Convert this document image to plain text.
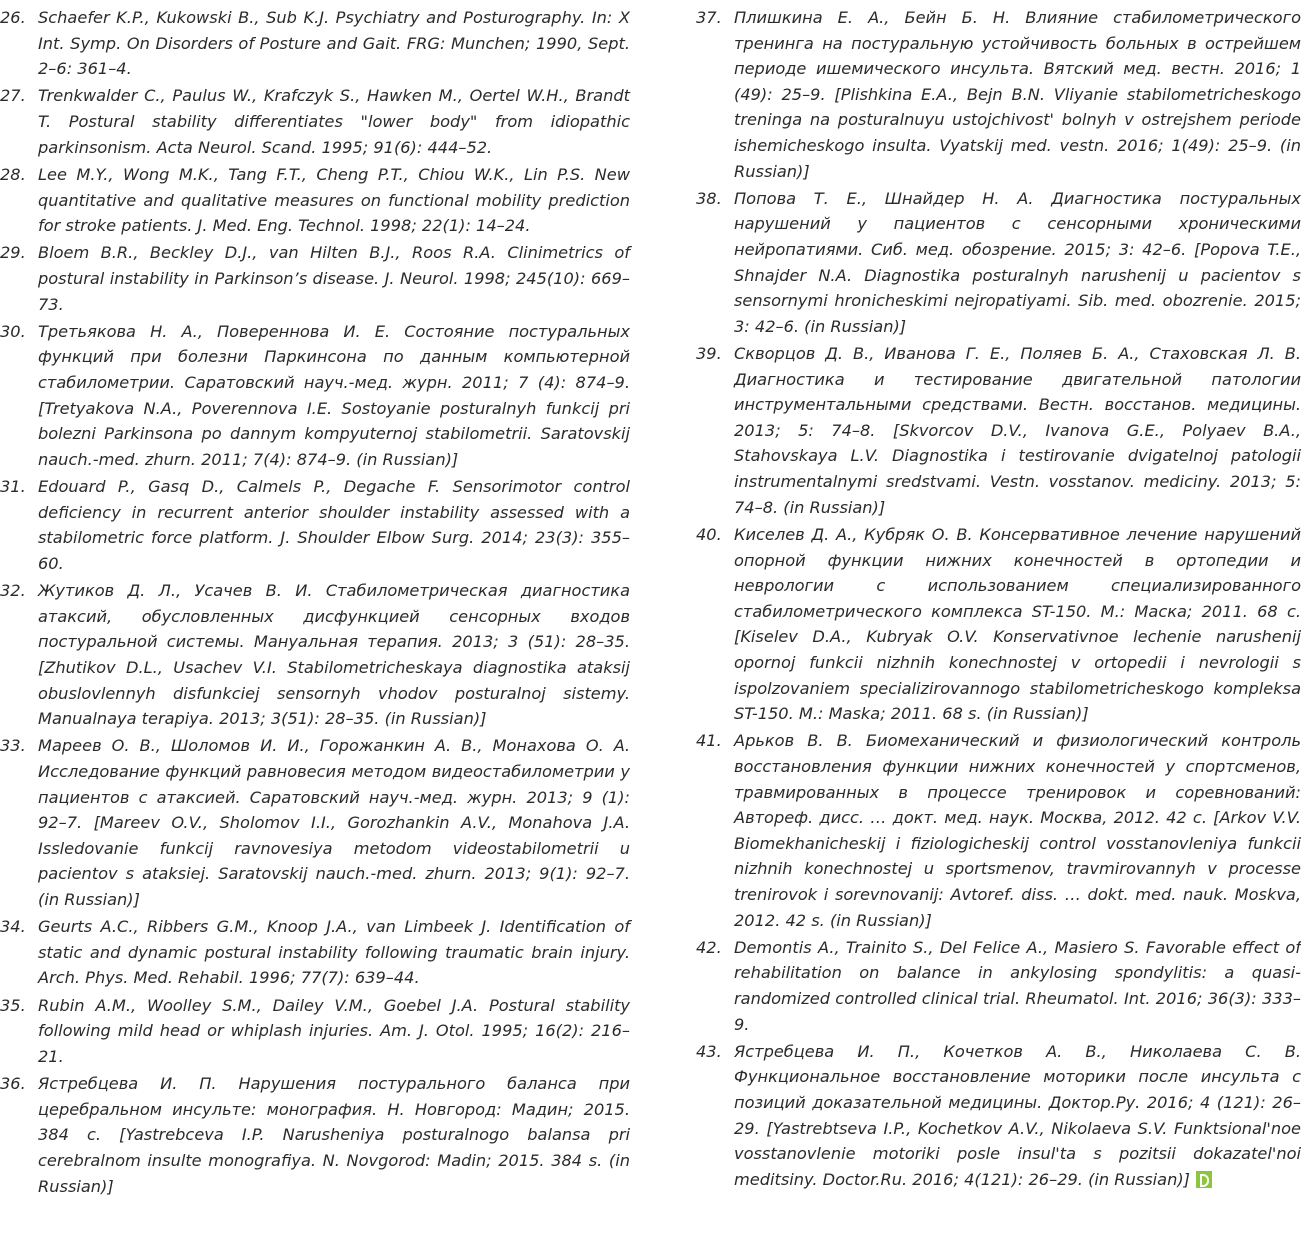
26. Schaefer K.P., Kukowski B., Sub K.J. Psychiatry and Posturography. In: X Int. Symp. On Disorders of Posture and Gait. FRG: Munchen; 1990, Sept. 2–6: 361–4.
27. Trenkwalder C., Paulus W., Krafczyk S., Hawken M., Oertel W.H., Brandt T. Postural stability differentiates "lower body" from idiopathic parkinsonism. Acta Neurol. Scand. 1995; 91(6): 444–52.
28. Lee M.Y., Wong M.K., Tang F.T., Cheng P.T., Chiou W.K., Lin P.S. New quantitative and qualitative measures on functional mobility prediction for stroke patients. J. Med. Eng. Technol. 1998; 22(1): 14–24.
29. Bloem B.R., Beckley D.J., van Hilten B.J., Roos R.A. Clinimetrics of postural instability in Parkinson’s disease. J. Neurol. 1998; 245(10): 669–73.
30. Третьякова Н. А., Поверенновa И. Е. Состояние постуральных функций при болезни Паркинсона по данным компьютерной стабилометрии. Саратовский науч.-мед. журн. 2011; 7 (4): 874–9. [Tretyakova N.A., Poverennova I.E. Sostoyanie posturalnyh funkcij pri bolezni Parkinsona po dannym kompyuternoj stabilometrii. Saratovskij nauch.-med. zhurn. 2011; 7(4): 874–9. (in Russian)]
31. Edouard P., Gasq D., Calmels P., Degache F. Sensorimotor control deficiency in recurrent anterior shoulder instability assessed with a stabilometric force platform. J. Shoulder Elbow Surg. 2014; 23(3): 355–60.
32. Жутиков Д. Л., Усачев В. И. Стабилометрическая диагностика атаксий, обусловленных дисфункцией сенсорных входов постуральной системы. Мануальная терапия. 2013; 3 (51): 28–35. [Zhutikov D.L., Usachev V.I. Stabilometricheskaya diagnostika ataksij obuslovlennyh disfunkciej sensornyh vhodov posturalnoj sistemy. Manualnaya terapiya. 2013; 3(51): 28–35. (in Russian)]
33. Мареев О. В., Шоломов И. И., Горожанкин А. В., Монахова О. А. Исследование функций равновесия методом видеостабилометрии у пациентов с атаксией. Саратовский науч.-мед. журн. 2013; 9 (1): 92–7. [Mareev O.V., Sholomov I.I., Gorozhankin A.V., Monahova J.A. Issledovanie funkcij ravnovesiya metodom videostabilometrii u pacientov s ataksiej. Saratovskij nauch.-med. zhurn. 2013; 9(1): 92–7. (in Russian)]
34. Geurts A.C., Ribbers G.M., Knoop J.A., van Limbeek J. Identification of static and dynamic postural instability following traumatic brain injury. Arch. Phys. Med. Rehabil. 1996; 77(7): 639–44.
35. Rubin A.M., Woolley S.M., Dailey V.M., Goebel J.A. Postural stability following mild head or whiplash injuries. Am. J. Otol. 1995; 16(2): 216–21.
36. Ястребцева И. П. Нарушения постурального баланса при церебральном инсульте: монография. Н. Новгород: Мадин; 2015. 384 с. [Yastrebceva I.P. Narusheniya posturalnogo balansa pri cerebralnom insulte monografiya. N. Novgorod: Madin; 2015. 384 s. (in Russian)]
37. Плишкина Е. А., Бейн Б. Н. Влияние стабилометрического тренинга на постуральную устойчивость больных в острейшем периоде ишемического инсульта. Вятский мед. вестн. 2016; 1 (49): 25–9. [Plishkina E.A., Bejn B.N. Vliyanie stabilometricheskogo treninga na posturalnuyu ustojchivost' bolnyh v ostrejshem periode ishemicheskogo insulta. Vyatskij med. vestn. 2016; 1(49): 25–9. (in Russian)]
38. Попова Т. Е., Шнайдер Н. А. Диагностика постуральных нарушений у пациентов с сенсорными хроническими нейропатиями. Сиб. мед. обозрение. 2015; 3: 42–6. [Popova T.E., Shnajder N.A. Diagnostika posturalnyh narushenij u pacientov s sensornymi hronicheskimi nejropatiyami. Sib. med. obozrenie. 2015; 3: 42–6. (in Russian)]
39. Скворцов Д. В., Иванова Г. Е., Поляев Б. А., Стаховская Л. В. Диагностика и тестирование двигательной патологии инструментальными средствами. Вестн. восстанов. медицины. 2013; 5: 74–8. [Skvorcov D.V., Ivanova G.E., Polyaev B.A., Stahovskaya L.V. Diagnostika i testirovanie dvigatelnoj patologii instrumentalnymi sredstvami. Vestn. vosstanov. mediciny. 2013; 5: 74–8. (in Russian)]
40. Киселев Д. А., Кубряк О. В. Консервативное лечение нарушений опорной функции нижних конечностей в ортопедии и неврологии с использованием специализированного стабилометрического комплекса ST-150. М.: Маска; 2011. 68 с. [Kiselev D.A., Kubryak O.V. Konservativnoe lechenie narushenij opornoj funkcii nizhnih konechnostej v ortopedii i nevrologii s ispolzovaniem specializirovannogo stabilometricheskogo kompleksa ST-150. M.: Maska; 2011. 68 s. (in Russian)]
41. Арьков В. В. Биомеханический и физиологический контроль восстановления функции нижних конечностей у спортсменов, травмированных в процессе тренировок и соревнований: Автореф. дисс. … докт. мед. наук. Москва, 2012. 42 с. [Arkov V.V. Biomekhanicheskij i fiziologicheskij control vosstanovleniya funkcii nizhnih konechnostej u sportsmenov, travmirovannyh v processe trenirovok i sorevnovanij: Avtoref. diss. … dokt. med. nauk. Moskva, 2012. 42 s. (in Russian)]
42. Demontis A., Trainito S., Del Felice A., Masiero S. Favorable effect of rehabilitation on balance in ankylosing spondylitis: a quasi-randomized controlled clinical trial. Rheumatol. Int. 2016; 36(3): 333–9.
43. Ястребцева И. П., Кочетков А. В., Николаева С. В. Функциональное восстановление моторики после инсульта с позиций доказательной медицины. Доктор.Ру. 2016; 4 (121): 26–29. [Yastrebtseva I.P., Kochetkov A.V., Nikolaeva S.V. Funktsional'noe vosstanovlenie motoriki posle insul'ta s pozitsii dokazatel'noi meditsiny. Doctor.Ru. 2016; 4(121): 26–29. (in Russian)]
